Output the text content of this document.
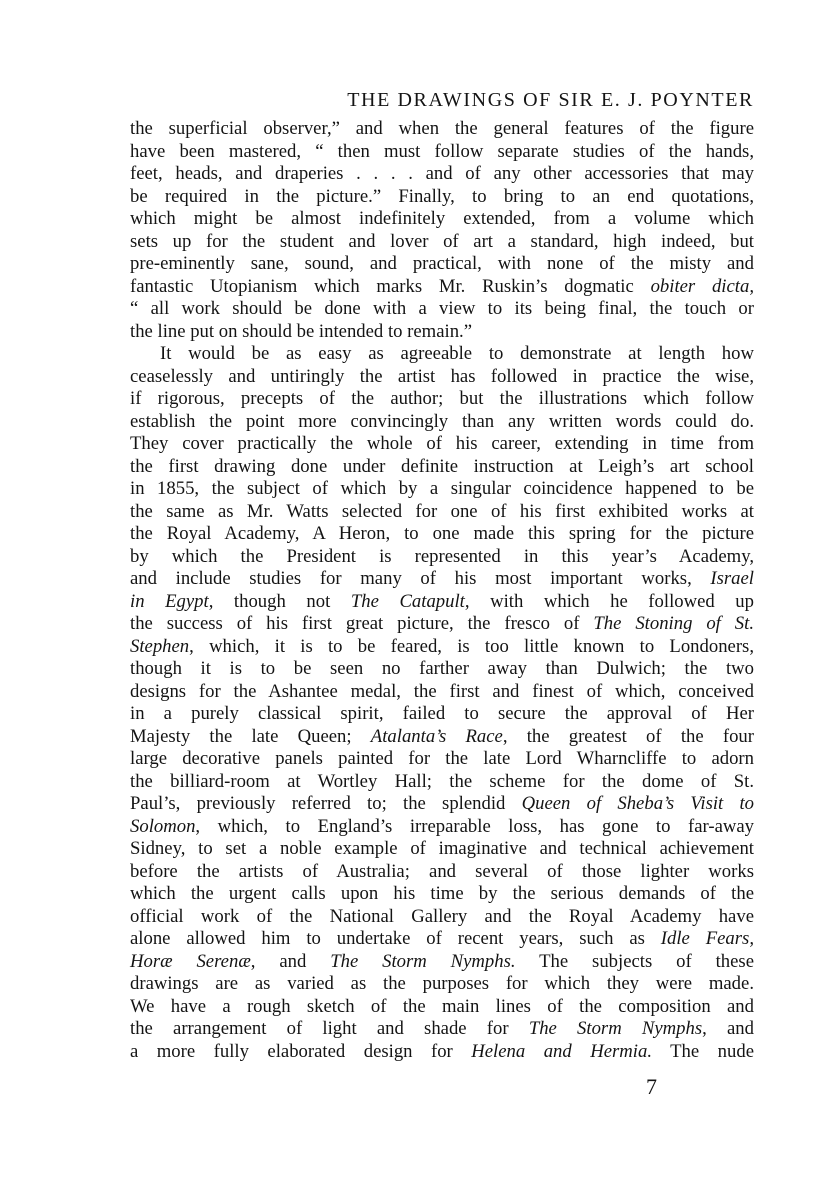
THE DRAWINGS OF SIR E. J. POYNTER
the superficial observer,” and when the general features of the figure
have been mastered, “ then must follow separate studies of the hands,
feet, heads, and draperies . . . . and of any other accessories that may
be required in the picture.” Finally, to bring to an end quotations,
which might be almost indefinitely extended, from a volume which
sets up for the student and lover of art a standard, high indeed, but
pre-eminently sane, sound, and practical, with none of the misty and
fantastic Utopianism which marks Mr. Ruskin’s dogmatic obiter dicta,
“ all work should be done with a view to its being final, the touch or
the line put on should be intended to remain.”
It would be as easy as agreeable to demonstrate at length how
ceaselessly and untiringly the artist has followed in practice the wise,
if rigorous, precepts of the author; but the illustrations which follow
establish the point more convincingly than any written words could do.
They cover practically the whole of his career, extending in time from
the first drawing done under definite instruction at Leigh’s art school
in 1855, the subject of which by a singular coincidence happened to be
the same as Mr. Watts selected for one of his first exhibited works at
the Royal Academy, A Heron, to one made this spring for the picture
by which the President is represented in this year’s Academy,
and include studies for many of his most important works, Israel
in Egypt, though not The Catapult, with which he followed up
the success of his first great picture, the fresco of The Stoning of St.
Stephen, which, it is to be feared, is too little known to Londoners,
though it is to be seen no farther away than Dulwich; the two
designs for the Ashantee medal, the first and finest of which, conceived
in a purely classical spirit, failed to secure the approval of Her
Majesty the late Queen; Atalanta’s Race, the greatest of the four
large decorative panels painted for the late Lord Wharncliffe to adorn
the billiard-room at Wortley Hall; the scheme for the dome of St.
Paul’s, previously referred to; the splendid Queen of Sheba’s Visit to
Solomon, which, to England’s irreparable loss, has gone to far-away
Sidney, to set a noble example of imaginative and technical achievement
before the artists of Australia; and several of those lighter works
which the urgent calls upon his time by the serious demands of the
official work of the National Gallery and the Royal Academy have
alone allowed him to undertake of recent years, such as Idle Fears,
Horæ Serenæ, and The Storm Nymphs. The subjects of these
drawings are as varied as the purposes for which they were made.
We have a rough sketch of the main lines of the composition and
the arrangement of light and shade for The Storm Nymphs, and
a more fully elaborated design for Helena and Hermia. The nude
7
